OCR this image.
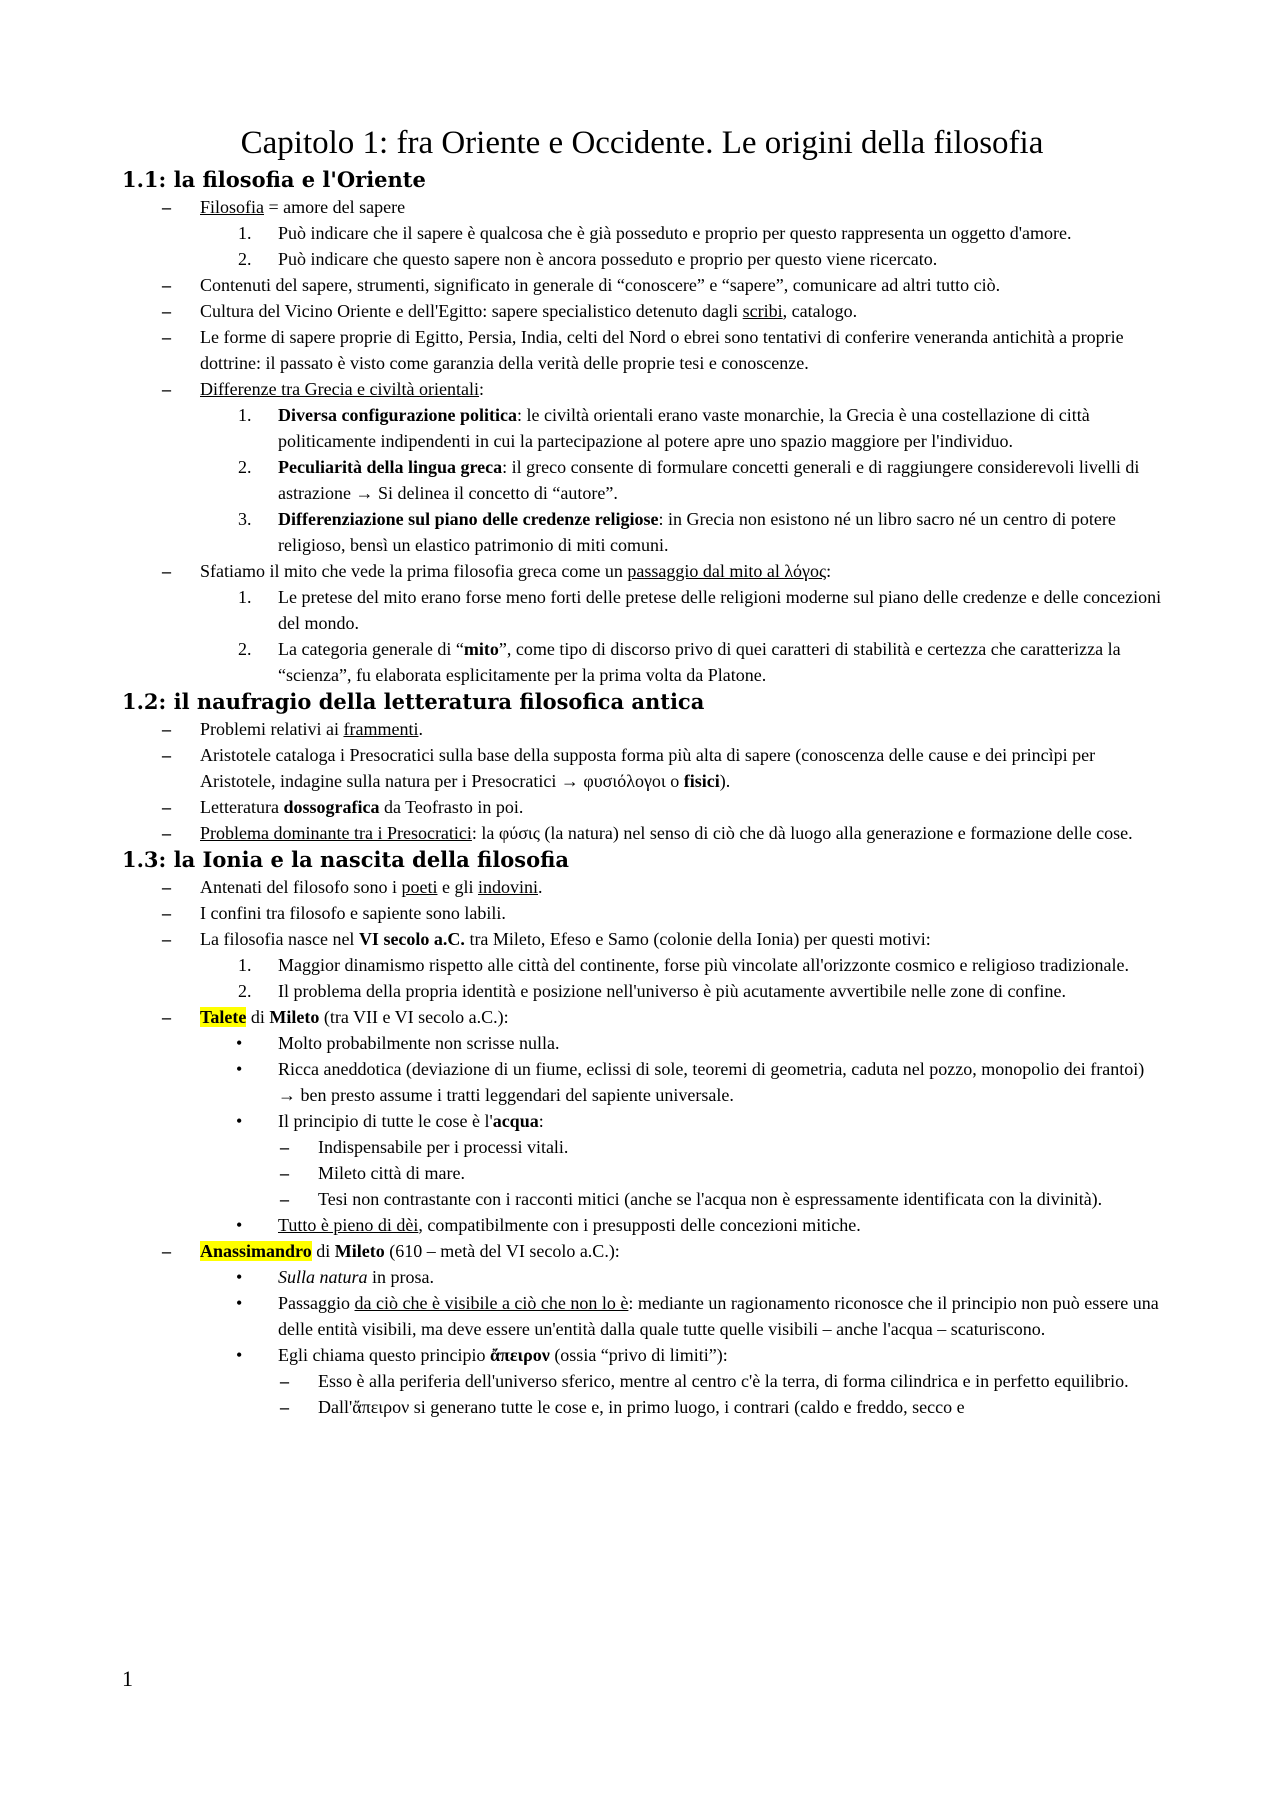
Capitolo 1: fra Oriente e Occidente. Le origini della filosofia
1.1: la filosofia e l'Oriente
– Filosofia = amore del sapere
1. Può indicare che il sapere è qualcosa che è già posseduto e proprio per questo rappresenta un oggetto d'amore.
2. Può indicare che questo sapere non è ancora posseduto e proprio per questo viene ricercato.
– Contenuti del sapere, strumenti, significato in generale di “conoscere” e “sapere”, comunicare ad altri tutto ciò.
– Cultura del Vicino Oriente e dell'Egitto: sapere specialistico detenuto dagli scribi, catalogo.
– Le forme di sapere proprie di Egitto, Persia, India, celti del Nord o ebrei sono tentativi di conferire veneranda antichità a proprie dottrine: il passato è visto come garanzia della verità delle proprie tesi e conoscenze.
– Differenze tra Grecia e civiltà orientali:
1. Diversa configurazione politica: le civiltà orientali erano vaste monarchie, la Grecia è una costellazione di città politicamente indipendenti in cui la partecipazione al potere apre uno spazio maggiore per l'individuo.
2. Peculiarità della lingua greca: il greco consente di formulare concetti generali e di raggiungere considerevoli livelli di astrazione → Si delinea il concetto di “autore”.
3. Differenziazione sul piano delle credenze religiose: in Grecia non esistono né un libro sacro né un centro di potere religioso, bensì un elastico patrimonio di miti comuni.
– Sfatiamo il mito che vede la prima filosofia greca come un passaggio dal mito al λόγος:
1. Le pretese del mito erano forse meno forti delle pretese delle religioni moderne sul piano delle credenze e delle concezioni del mondo.
2. La categoria generale di “mito”, come tipo di discorso privo di quei caratteri di stabilità e certezza che caratterizza la “scienza”, fu elaborata esplicitamente per la prima volta da Platone.
1.2: il naufragio della letteratura filosofica antica
– Problemi relativi ai frammenti.
– Aristotele cataloga i Presocratici sulla base della supposta forma più alta di sapere (conoscenza delle cause e dei princìpi per Aristotele, indagine sulla natura per i Presocratici → φυσιόλογοι o fisici).
– Letteratura dossografica da Teofrasto in poi.
– Problema dominante tra i Presocratici: la φύσις (la natura) nel senso di ciò che dà luogo alla generazione e formazione delle cose.
1.3: la Ionia e la nascita della filosofia
– Antenati del filosofo sono i poeti e gli indovini.
– I confini tra filosofo e sapiente sono labili.
– La filosofia nasce nel VI secolo a.C. tra Mileto, Efeso e Samo (colonie della Ionia) per questi motivi:
1. Maggior dinamismo rispetto alle città del continente, forse più vincolate all'orizzonte cosmico e religioso tradizionale.
2. Il problema della propria identità e posizione nell'universo è più acutamente avvertibile nelle zone di confine.
– Talete di Mileto (tra VII e VI secolo a.C.):
• Molto probabilmente non scrisse nulla.
• Ricca aneddotica (deviazione di un fiume, eclissi di sole, teoremi di geometria, caduta nel pozzo, monopolio dei frantoi) → ben presto assume i tratti leggendari del sapiente universale.
• Il principio di tutte le cose è l'acqua:
– Indispensabile per i processi vitali.
– Mileto città di mare.
– Tesi non contrastante con i racconti mitici (anche se l'acqua non è espressamente identificata con la divinità).
• Tutto è pieno di dèi, compatibilmente con i presupposti delle concezioni mitiche.
– Anassimandro di Mileto (610 – metà del VI secolo a.C.):
• Sulla natura in prosa.
• Passaggio da ciò che è visibile a ciò che non lo è: mediante un ragionamento riconosce che il principio non può essere una delle entità visibili, ma deve essere un'entità dalla quale tutte quelle visibili – anche l'acqua – scaturiscono.
• Egli chiama questo principio ἄπειρον (ossia “privo di limiti”):
– Esso è alla periferia dell'universo sferico, mentre al centro c'è la terra, di forma cilindrica e in perfetto equilibrio.
– Dall'ἄπειρον si generano tutte le cose e, in primo luogo, i contrari (caldo e freddo, secco e
1
